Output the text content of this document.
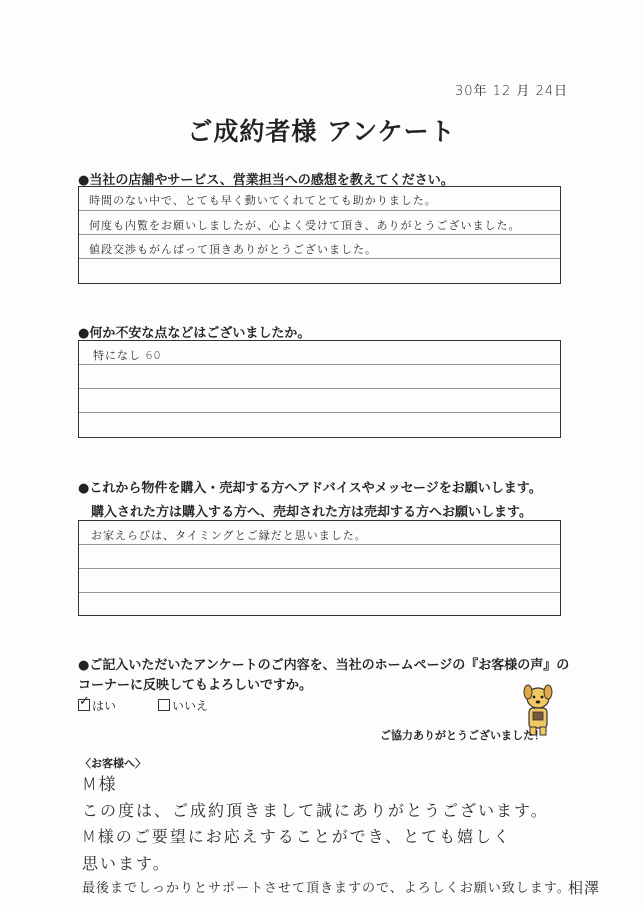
30年 12 月 24日
ご成約者様 アンケート
●当社の店舗やサービス、営業担当への感想を教えてください。
時間のない中で、とても早く動いてくれてとても助かりました。
何度も内覧をお願いしましたが、心よく受けて頂き、ありがとうございました。
値段交渉もがんばって頂きありがとうございました。
●何か不安な点などはございましたか。
特になし 60
●これから物件を購入・売却する方へアドバイスやメッセージをお願いします。
購入された方は購入する方へ、売却された方は売却する方へお願いします。
お家えらびは、タイミングとご縁だと思いました。
●ご記入いただいたアンケートのご内容を、当社のホームページの『お客様の声』の
コーナーに反映してもよろしいですか。
✓はい	いいえ
ご協力ありがとうございました！
〈お客様へ〉
M様
この度は、ご成約頂きまして誠にありがとうございます。
M様のご要望にお応えすることができ、とても嬉しく
思います。
最後までしっかりとサポートさせて頂きますので、よろしくお願い致します。
相澤
